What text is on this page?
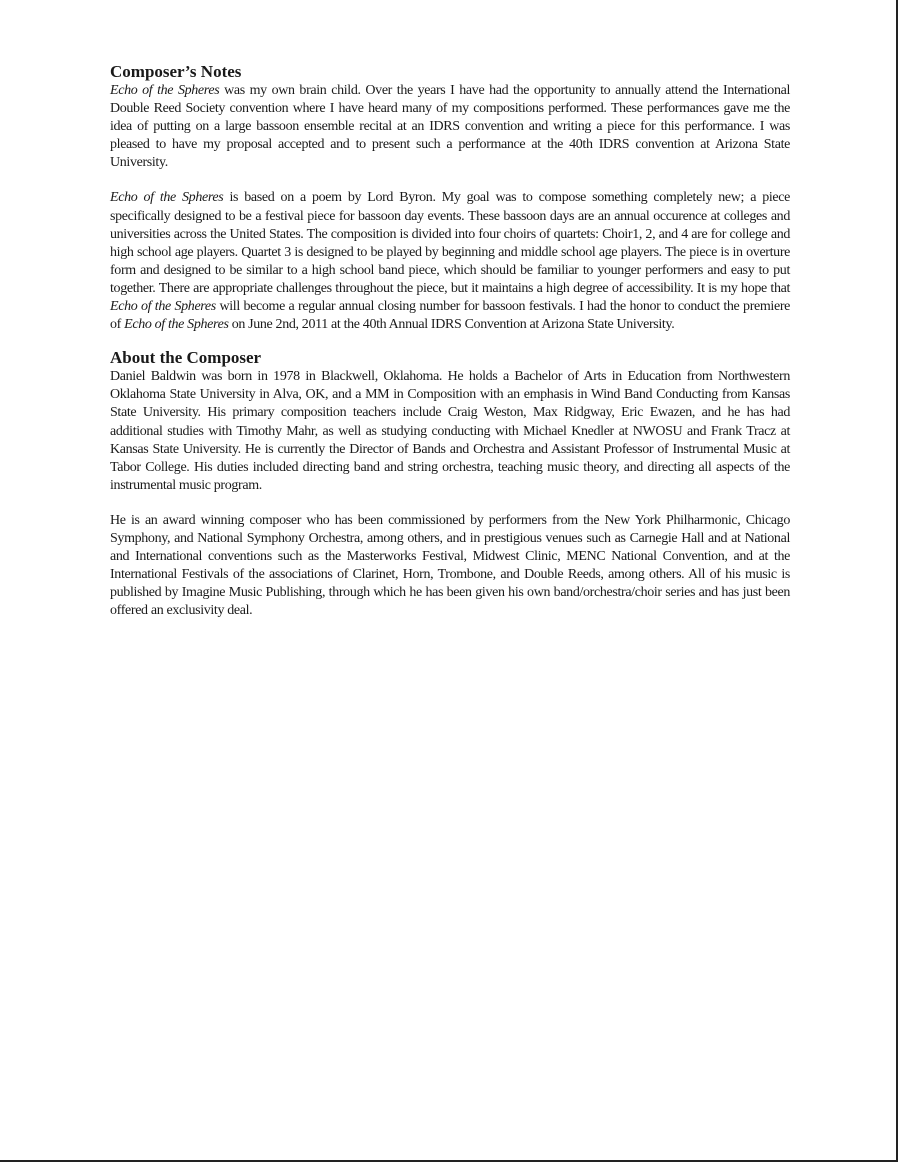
Composer’s Notes

Echo of the Spheres was my own brain child. Over the years I have had the opportunity to annually attend the International Double Reed Society convention where I have heard many of my compositions performed. These performances gave me the idea of putting on a large bassoon ensemble recital at an IDRS convention and writing a piece for this performance. I was pleased to have my proposal accepted and to present such a performance at the 40th IDRS convention at Arizona State University.

Echo of the Spheres is based on a poem by Lord Byron. My goal was to compose something completely new; a piece specifically designed to be a festival piece for bassoon day events. These bassoon days are an annual occurence at colleges and universities across the United States. The composition is divided into four choirs of quartets: Choir1, 2, and 4 are for college and high school age players. Quartet 3 is designed to be played by beginning and middle school age players. The piece is in overture form and designed to be similar to a high school band piece, which should be familiar to younger performers and easy to put together. There are appropriate challenges throughout the piece, but it maintains a high degree of accessibility. It is my hope that Echo of the Spheres will become a regular annual closing number for bassoon festivals. I had the honor to conduct the premiere of Echo of the Spheres on June 2nd, 2011 at the 40th Annual IDRS Convention at Arizona State University.

About the Composer

Daniel Baldwin was born in 1978 in Blackwell, Oklahoma. He holds a Bachelor of Arts in Education from Northwestern Oklahoma State University in Alva, OK, and a MM in Composition with an emphasis in Wind Band Conducting from Kansas State University. His primary composition teachers include Craig Weston, Max Ridgway, Eric Ewazen, and he has had additional studies with Timothy Mahr, as well as studying conducting with Michael Knedler at NWOSU and Frank Tracz at Kansas State University. He is currently the Director of Bands and Orchestra and Assistant Professor of Instrumental Music at Tabor College. His duties included directing band and string orchestra, teaching music theory, and directing all aspects of the instrumental music program.

He is an award winning composer who has been commissioned by performers from the New York Philharmonic, Chicago Symphony, and National Symphony Orchestra, among others, and in prestigious venues such as Carnegie Hall and at National and International conventions such as the Masterworks Festival, Midwest Clinic, MENC National Convention, and at the International Festivals of the associations of Clarinet, Horn, Trombone, and Double Reeds, among others. All of his music is published by Imagine Music Publishing, through which he has been given his own band/orchestra/choir series and has just been offered an exclusivity deal.
